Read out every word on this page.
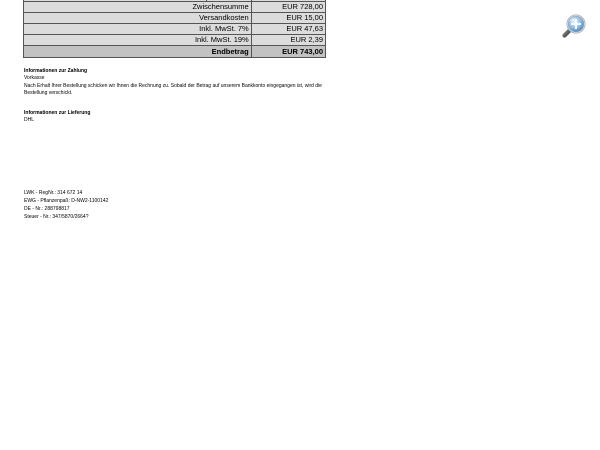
Zwischensumme	EUR 728,00
Versandkosten	EUR 15,00
Inkl. MwSt. 7%	EUR 47,63
Inkl. MwSt. 19%	EUR 2,39
Endbetrag	EUR 743,00
Informationen zur Zahlung
Vorkasse
Nach Erhalt Ihrer Bestellung schicken wir Ihnen die Rechnung zu. Sobald der Betrag auf unserem Bankkonto eingegangen ist, wird die Bestellung verschickt.
Informationen zur Lieferung
DHL
LWK - RegNr.: 314 672 14
EWG - Pflanzenpaß: D-NW2-1100142
DE - Nr.: 288798817
Steuer - Nr.: 347/5870/2664?
